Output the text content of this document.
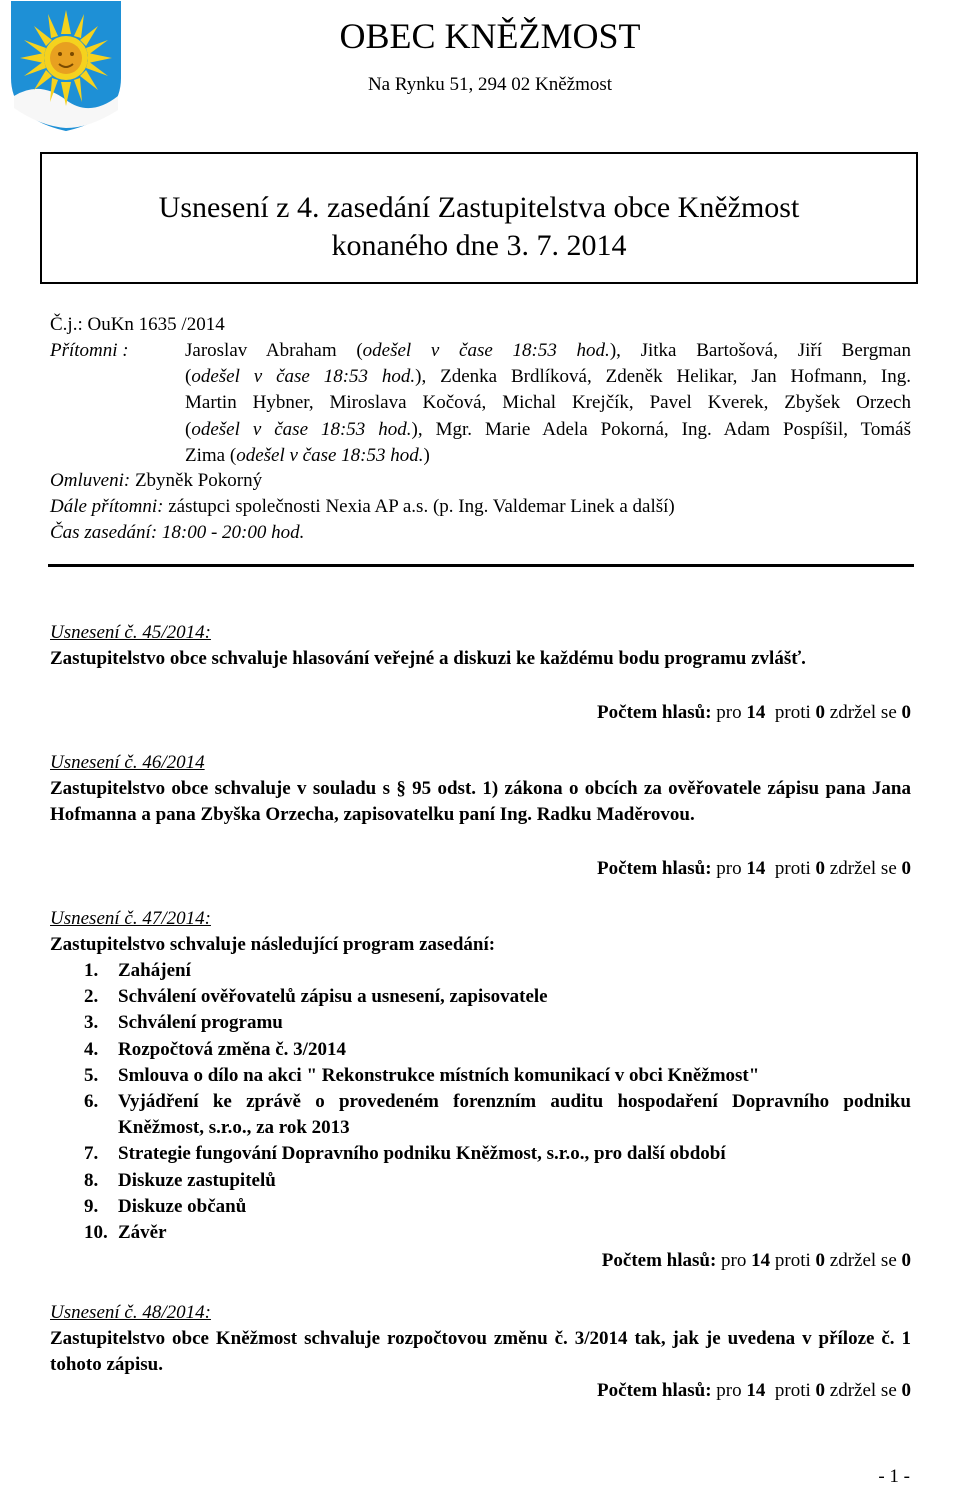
OBEC KNĚŽMOST
Na Rynku 51, 294 02 Kněžmost
Usnesení z 4. zasedání Zastupitelstva obce Kněžmost
konaného dne 3. 7. 2014
Č.j.: OuKn 1635 /2014
Přítomni :	Jaroslav Abraham (odešel v čase 18:53 hod.), Jitka Bartošová, Jiří Bergman
(odešel v čase 18:53 hod.), Zdenka Brdlíková, Zdeněk Helikar, Jan Hofmann, Ing.
Martin Hybner, Miroslava Kočová, Michal Krejčík, Pavel Kverek, Zbyšek Orzech
(odešel v čase 18:53 hod.), Mgr. Marie Adela Pokorná, Ing. Adam Pospíšil, Tomáš
Zima (odešel v čase 18:53 hod.)
Omluveni: Zbyněk Pokorný
Dále přítomni: zástupci společnosti Nexia AP a.s. (p. Ing. Valdemar Linek a další)
Čas zasedání: 18:00 - 20:00 hod.
Usnesení č. 45/2014:
Zastupitelstvo obce schvaluje hlasování veřejné a diskuzi ke každému bodu programu zvlášť.
Počtem hlasů: pro 14 proti 0 zdržel se 0
Usnesení č. 46/2014
Zastupitelstvo obce schvaluje v souladu s § 95 odst. 1) zákona o obcích za ověřovatele zápisu pana Jana Hofmanna a pana Zbyška Orzecha, zapisovatelku paní Ing. Radku Maděrovou.
Počtem hlasů: pro 14 proti 0 zdržel se 0
Usnesení č. 47/2014:
Zastupitelstvo schvaluje následující program zasedání:
1. Zahájení
2. Schválení ověřovatelů zápisu a usnesení, zapisovatele
3. Schválení programu
4. Rozpočtová změna č. 3/2014
5. Smlouva o dílo na akci " Rekonstrukce místních komunikací v obci Kněžmost"
6. Vyjádření ke zprávě o provedeném forenzním auditu hospodaření Dopravního podniku Kněžmost, s.r.o., za rok 2013
7. Strategie fungování Dopravního podniku Kněžmost, s.r.o., pro další období
8. Diskuze zastupitelů
9. Diskuze občanů
10. Závěr
Počtem hlasů: pro 14 proti 0 zdržel se 0
Usnesení č. 48/2014:
Zastupitelstvo obce Kněžmost schvaluje rozpočtovou změnu č. 3/2014 tak, jak je uvedena v příloze č. 1 tohoto zápisu.
Počtem hlasů: pro 14 proti 0 zdržel se 0
- 1 -
